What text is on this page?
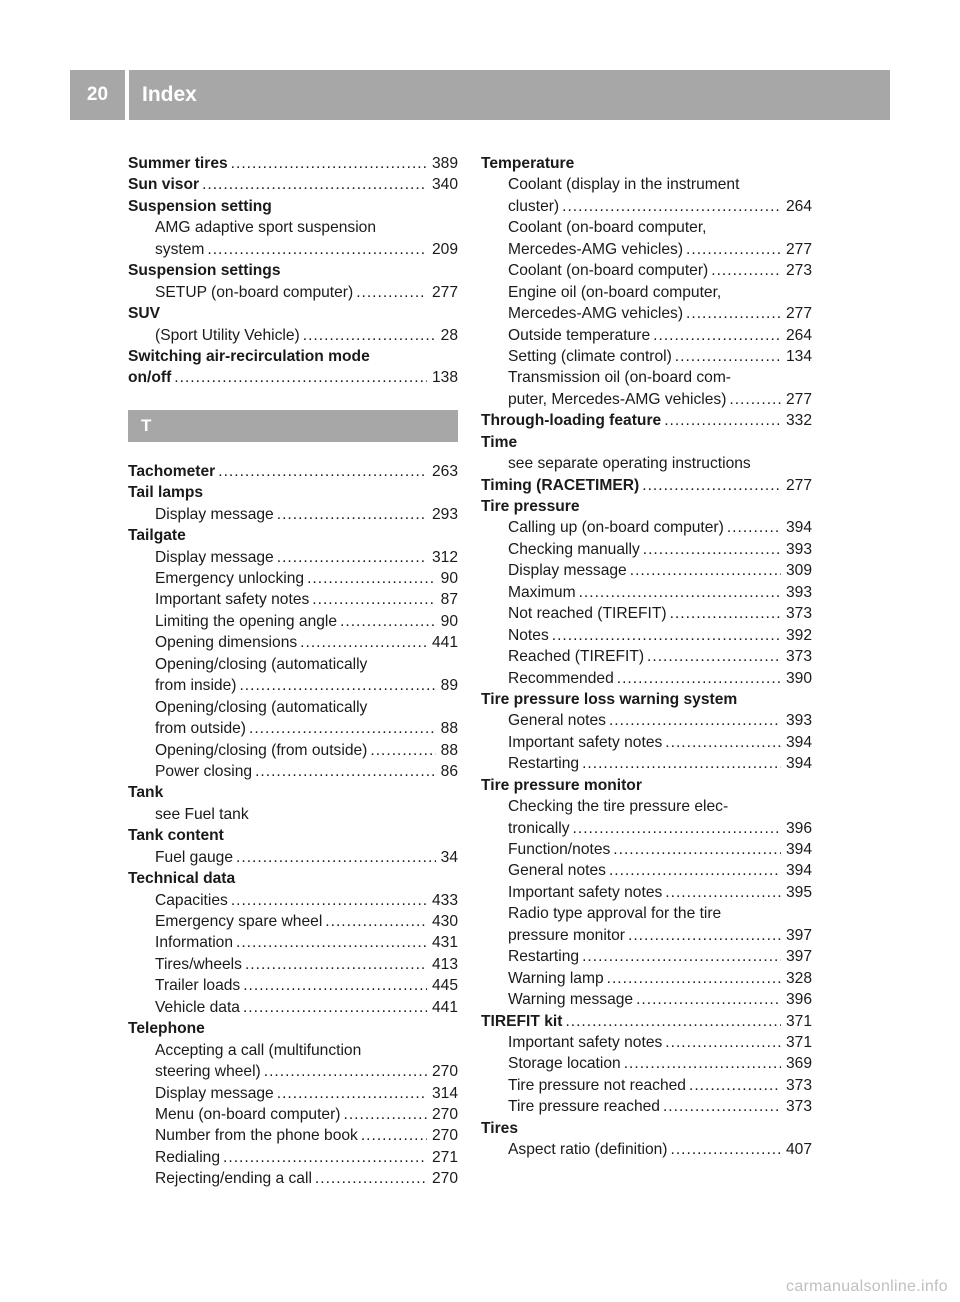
20	Index
Summer tires .....	389
Sun visor .....	340
Suspension setting
AMG adaptive sport suspension
system .....	209
Suspension settings
SETUP (on-board computer) .....	277
SUV
(Sport Utility Vehicle) .....	28
Switching air-recirculation mode
on/off .....	138
T
Tachometer .....	263
Tail lamps
Display message .....	293
Tailgate
Display message .....	312
Emergency unlocking .....	90
Important safety notes .....	87
Limiting the opening angle .....	90
Opening dimensions .....	441
Opening/closing (automatically
from inside) .....	89
Opening/closing (automatically
from outside) .....	88
Opening/closing (from outside) .....	88
Power closing .....	86
Tank
see Fuel tank
Tank content
Fuel gauge .....	34
Technical data
Capacities .....	433
Emergency spare wheel .....	430
Information .....	431
Tires/wheels .....	413
Trailer loads .....	445
Vehicle data .....	441
Telephone
Accepting a call (multifunction
steering wheel) .....	270
Display message .....	314
Menu (on-board computer) .....	270
Number from the phone book .....	270
Redialing .....	271
Rejecting/ending a call .....	270
Temperature
Coolant (display in the instrument
cluster) .....	264
Coolant (on-board computer,
Mercedes-AMG vehicles) .....	277
Coolant (on-board computer) .....	273
Engine oil (on-board computer,
Mercedes-AMG vehicles) .....	277
Outside temperature .....	264
Setting (climate control) .....	134
Transmission oil (on-board com-
puter, Mercedes-AMG vehicles) .....	277
Through-loading feature .....	332
Time
see separate operating instructions
Timing (RACETIMER) .....	277
Tire pressure
Calling up (on-board computer) .....	394
Checking manually .....	393
Display message .....	309
Maximum .....	393
Not reached (TIREFIT) .....	373
Notes .....	392
Reached (TIREFIT) .....	373
Recommended .....	390
Tire pressure loss warning system
General notes .....	393
Important safety notes .....	394
Restarting .....	394
Tire pressure monitor
Checking the tire pressure elec-
tronically .....	396
Function/notes .....	394
General notes .....	394
Important safety notes .....	395
Radio type approval for the tire
pressure monitor .....	397
Restarting .....	397
Warning lamp .....	328
Warning message .....	396
TIREFIT kit .....	371
Important safety notes .....	371
Storage location .....	369
Tire pressure not reached .....	373
Tire pressure reached .....	373
Tires
Aspect ratio (definition) .....	407
carmanualsonline.info
